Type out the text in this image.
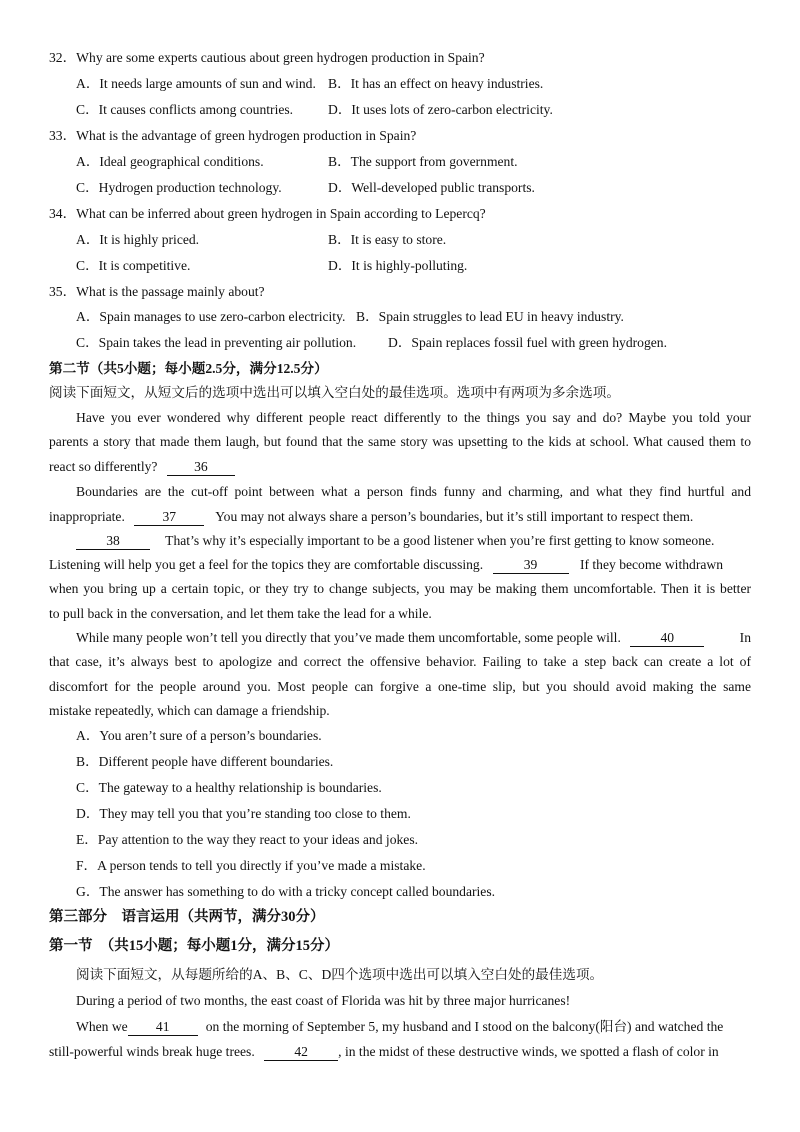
32．Why are some experts cautious about green hydrogen production in Spain?
A．It needs large amounts of sun and wind. B．It has an effect on heavy industries.
C．It causes conflicts among countries.	D．It uses lots of zero-carbon electricity.
33．What is the advantage of green hydrogen production in Spain?
A．Ideal geographical conditions.	B．The support from government.
C．Hydrogen production technology.	D．Well-developed public transports.
34．What can be inferred about green hydrogen in Spain according to Lepercq?
A．It is highly priced.	B．It is easy to store.
C．It is competitive.	D．It is highly-polluting.
35．What is the passage mainly about?
A．Spain manages to use zero-carbon electricity. B．Spain struggles to lead EU in heavy industry.
C．Spain takes the lead in preventing air pollution. D．Spain replaces fossil fuel with green hydrogen.
第二节（共5小题；每小题2.5分，满分12.5分）
阅读下面短文，从短文后的选项中选出可以填入空白处的最佳选项。选项中有两项为多余选项。
Have you ever wondered why different people react differently to the things you say and do? Maybe you told your
parents a story that made them laugh, but found that the same story was upsetting to the kids at school. What caused them to
react so differently?	36
Boundaries are the cut-off point between what a person finds funny and charming, and what they find hurtful and
inappropriate.	37	You may not always share a person’s boundaries, but it’s still important to respect them.
38	That’s why it’s especially important to be a good listener when you’re first getting to know someone.
Listening will help you get a feel for the topics they are comfortable discussing.	39	If they become withdrawn
when you bring up a certain topic, or they try to change subjects, you may be making them uncomfortable. Then it is better
to pull back in the conversation, and let them take the lead for a while.
While many people won’t tell you directly that you’ve made them uncomfortable, some people will.	40	In
that case, it’s always best to apologize and correct the offensive behavior. Failing to take a step back can create a lot of
discomfort for the people around you. Most people can forgive a one-time slip, but you should avoid making the same
mistake repeatedly, which can damage a friendship.
A．You aren’t sure of a person’s boundaries.
B．Different people have different boundaries.
C．The gateway to a healthy relationship is boundaries.
D．They may tell you that you’re standing too close to them.
E．Pay attention to the way they react to your ideas and jokes.
F．A person tends to tell you directly if you’ve made a mistake.
G．The answer has something to do with a tricky concept called boundaries.
第三部分　语言运用（共两节，满分30分）
第一节　（共15小题；每小题1分，满分15分）
阅读下面短文，从每题所给的A、B、C、D四个选项中选出可以填入空白处的最佳选项。
During a period of two months, the east coast of Florida was hit by three major hurricanes!
When we 41	on the morning of September 5, my husband and I stood on the balcony(阳台) and watched the
still-powerful winds break huge trees.	42 , in the midst of these destructive winds, we spotted a flash of color in
